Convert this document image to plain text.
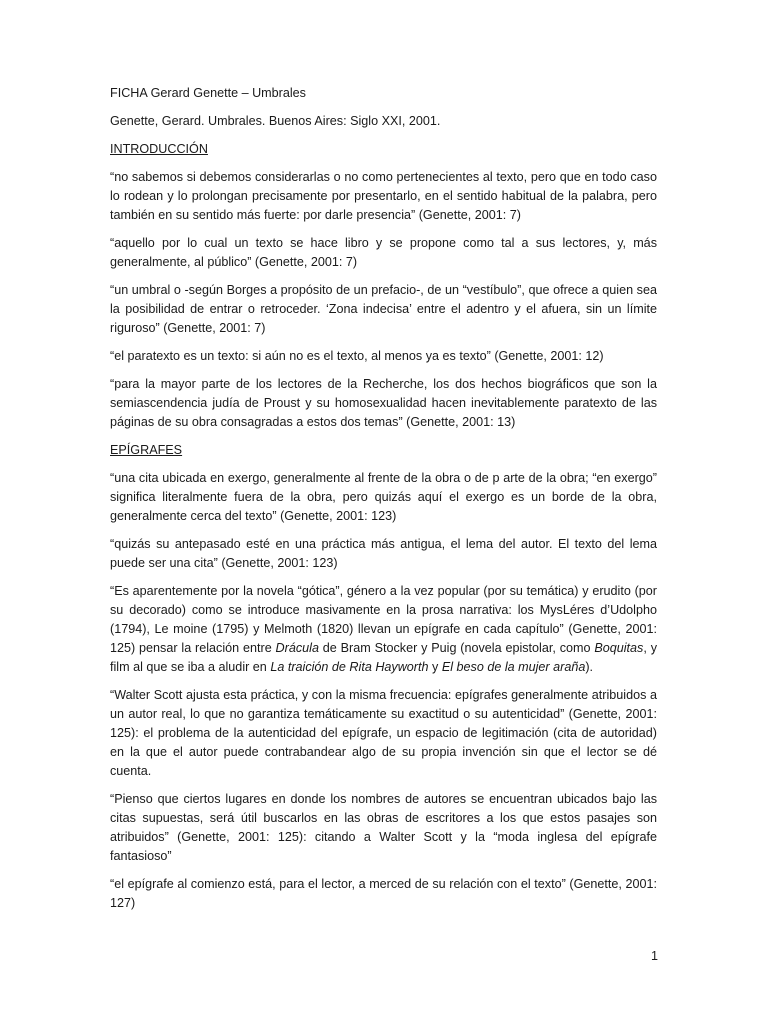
FICHA Gerard Genette – Umbrales

Genette, Gerard. Umbrales. Buenos Aires: Siglo XXI, 2001.

INTRODUCCIÓN

“no sabemos si debemos considerarlas o no como pertenecientes al texto, pero que en todo caso lo rodean y lo prolongan precisamente por presentarlo, en el sentido habitual de la palabra, pero también en su sentido más fuerte: por darle presencia” (Genette, 2001: 7)

“aquello por lo cual un texto se hace libro y se propone como tal a sus lectores, y, más generalmente, al público” (Genette, 2001: 7)

“un umbral o -según Borges a propósito de un prefacio-, de un “vestíbulo”, que ofrece a quien sea la posibilidad de entrar o retroceder. ‘Zona indecisa’ entre el adentro y el afuera, sin un límite riguroso” (Genette, 2001: 7)

“el paratexto es un texto: si aún no es el texto, al menos ya es texto” (Genette, 2001: 12)

“para la mayor parte de los lectores de la Recherche, los dos hechos biográficos que son la semiascendencia judía de Proust y su homosexualidad hacen inevitablemente paratexto de las páginas de su obra consagradas a estos dos temas” (Genette, 2001: 13)

EPÍGRAFES

“una cita ubicada en exergo, generalmente al frente de la obra o de p arte de la obra; “en exergo” significa literalmente fuera de la obra, pero quizás aquí el exergo es un borde de la obra, generalmente cerca del texto” (Genette, 2001: 123)

“quizás su antepasado esté en una práctica más antigua, el lema del autor. El texto del lema puede ser una cita” (Genette, 2001: 123)

“Es aparentemente por la novela “gótica”, género a la vez popular (por su temática) y erudito (por su decorado) como se introduce masivamente en la prosa narrativa: los MysLéres d’Udolpho (1794), Le moine (1795) y Melmoth (1820) llevan un epígrafe en cada capítulo” (Genette, 2001: 125) pensar la relación entre Drácula de Bram Stocker y Puig (novela epistolar, como Boquitas, y film al que se iba a aludir en La traición de Rita Hayworth y El beso de la mujer araña).

“Walter Scott ajusta esta práctica, y con la misma frecuencia: epígrafes generalmente atribuidos a un autor real, lo que no garantiza temáticamente su exactitud o su autenticidad” (Genette, 2001: 125): el problema de la autenticidad del epígrafe, un espacio de legitimación (cita de autoridad) en la que el autor puede contrabandear algo de su propia invención sin que el lector se dé cuenta.

“Pienso que ciertos lugares en donde los nombres de autores se encuentran ubicados bajo las citas supuestas, será útil buscarlos en las obras de escritores a los que estos pasajes son atribuidos” (Genette, 2001: 125): citando a Walter Scott y la “moda inglesa del epígrafe fantasioso”

“el epígrafe al comienzo está, para el lector, a merced de su relación con el texto” (Genette, 2001: 127)

1
